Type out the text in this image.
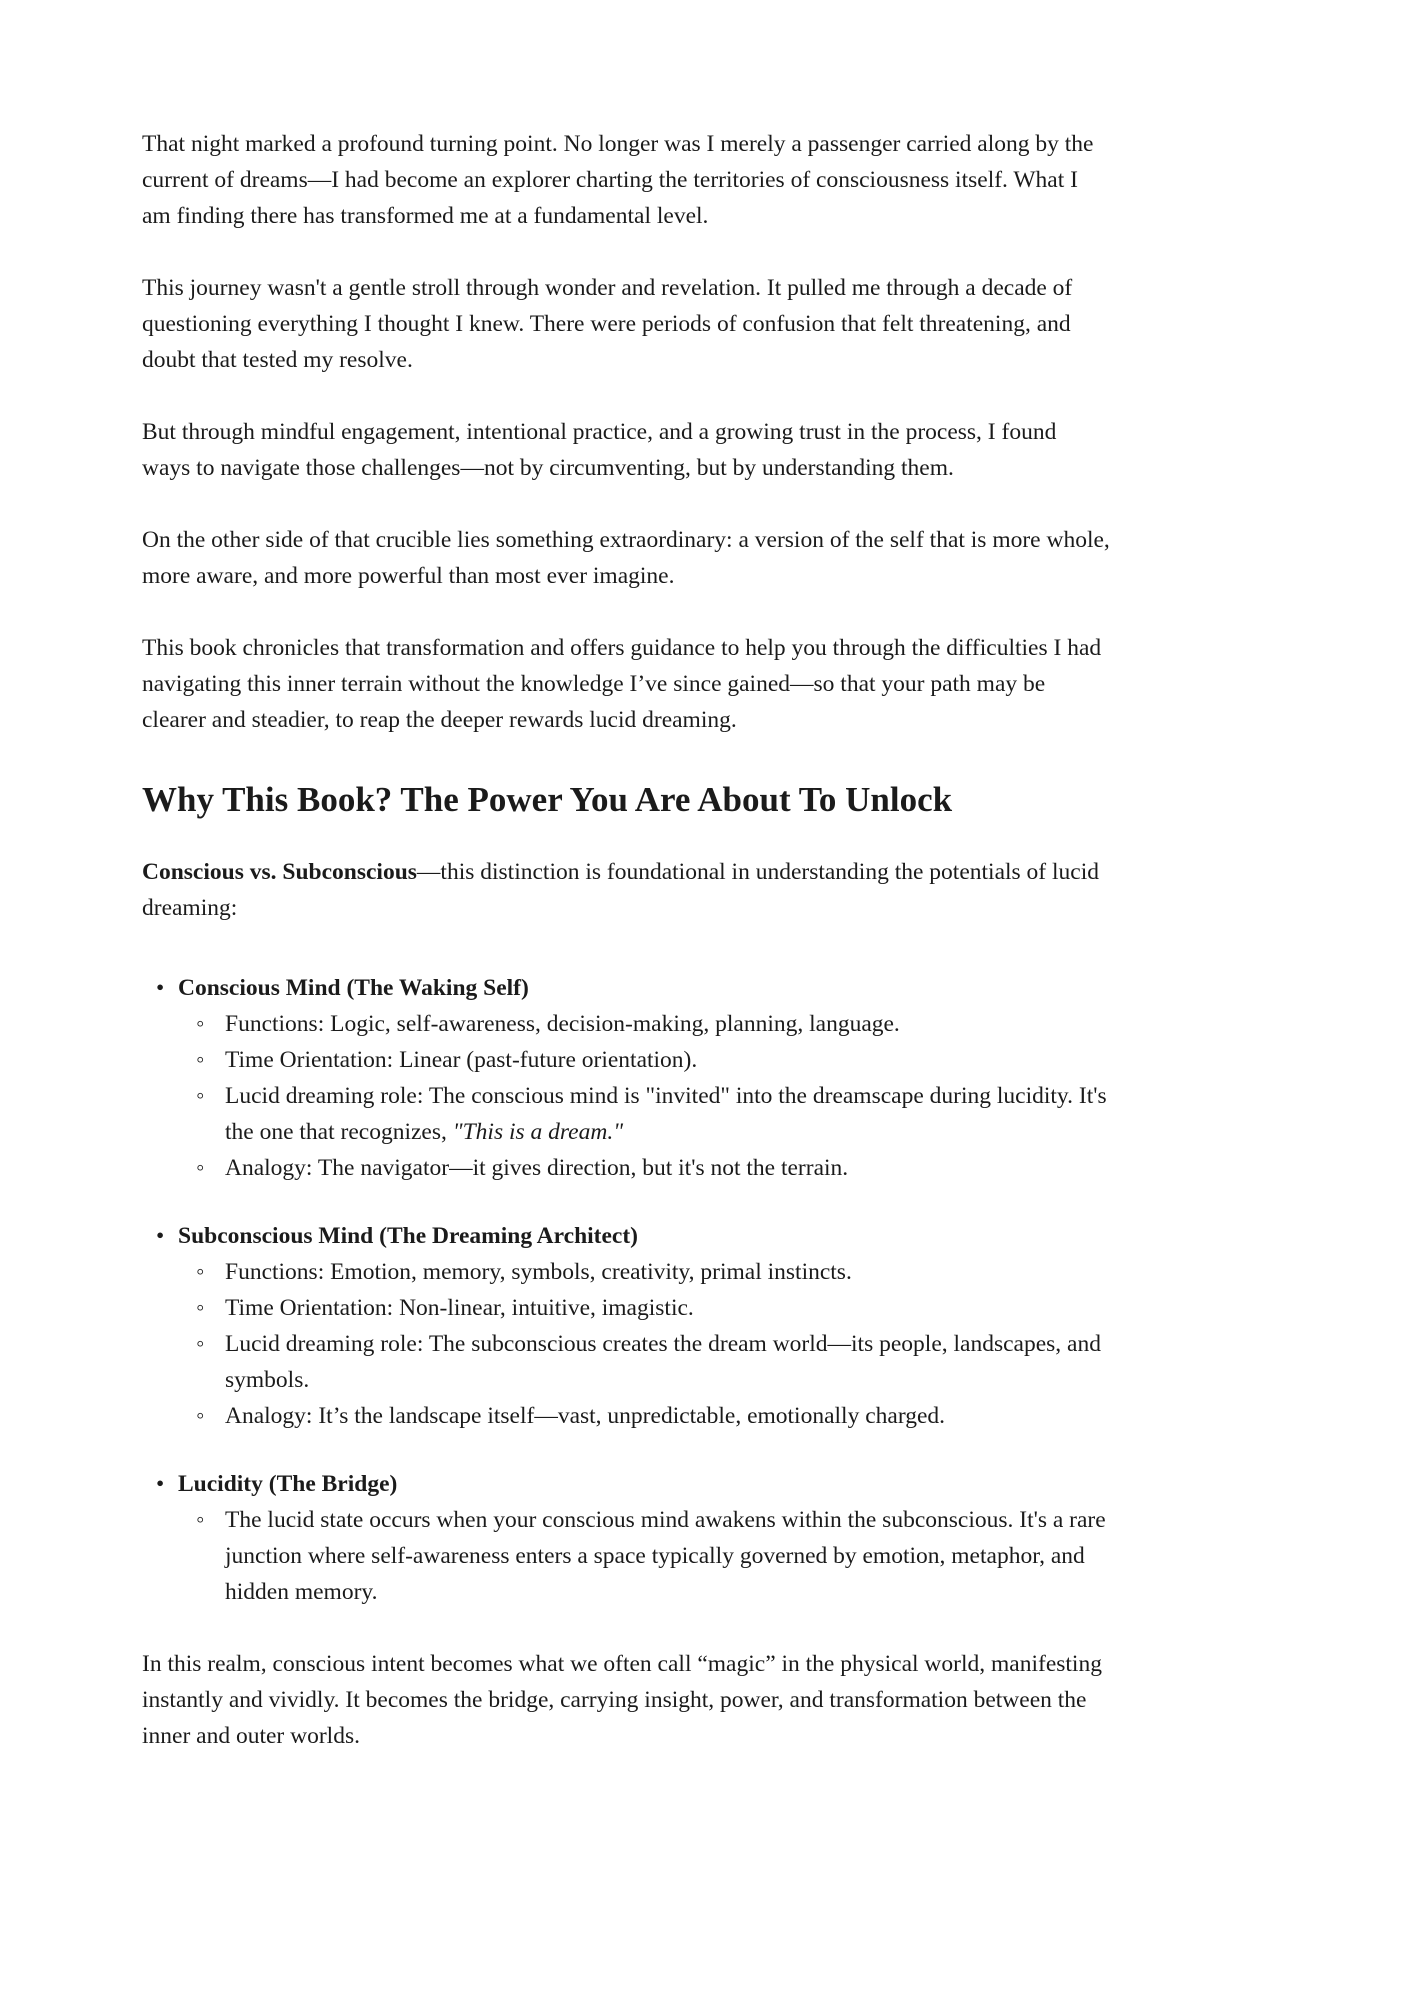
That night marked a profound turning point. No longer was I merely a passenger carried along by the current of dreams—I had become an explorer charting the territories of consciousness itself. What I am finding there has transformed me at a fundamental level.

This journey wasn't a gentle stroll through wonder and revelation. It pulled me through a decade of questioning everything I thought I knew. There were periods of confusion that felt threatening, and doubt that tested my resolve.

But through mindful engagement, intentional practice, and a growing trust in the process, I found ways to navigate those challenges—not by circumventing, but by understanding them.

On the other side of that crucible lies something extraordinary: a version of the self that is more whole, more aware, and more powerful than most ever imagine.

This book chronicles that transformation and offers guidance to help you through the difficulties I had navigating this inner terrain without the knowledge I’ve since gained—so that your path may be clearer and steadier, to reap the deeper rewards lucid dreaming.

Why This Book? The Power You Are About To Unlock

Conscious vs. Subconscious—this distinction is foundational in understanding the potentials of lucid dreaming:

• Conscious Mind (The Waking Self)
◦ Functions: Logic, self-awareness, decision-making, planning, language.
◦ Time Orientation: Linear (past-future orientation).
◦ Lucid dreaming role: The conscious mind is "invited" into the dreamscape during lucidity. It's the one that recognizes, "This is a dream."
◦ Analogy: The navigator—it gives direction, but it's not the terrain.
• Subconscious Mind (The Dreaming Architect)
◦ Functions: Emotion, memory, symbols, creativity, primal instincts.
◦ Time Orientation: Non-linear, intuitive, imagistic.
◦ Lucid dreaming role: The subconscious creates the dream world—its people, landscapes, and symbols.
◦ Analogy: It’s the landscape itself—vast, unpredictable, emotionally charged.
• Lucidity (The Bridge)
◦ The lucid state occurs when your conscious mind awakens within the subconscious. It's a rare junction where self-awareness enters a space typically governed by emotion, metaphor, and hidden memory.

In this realm, conscious intent becomes what we often call “magic” in the physical world, manifesting instantly and vividly. It becomes the bridge, carrying insight, power, and transformation between the inner and outer worlds.
